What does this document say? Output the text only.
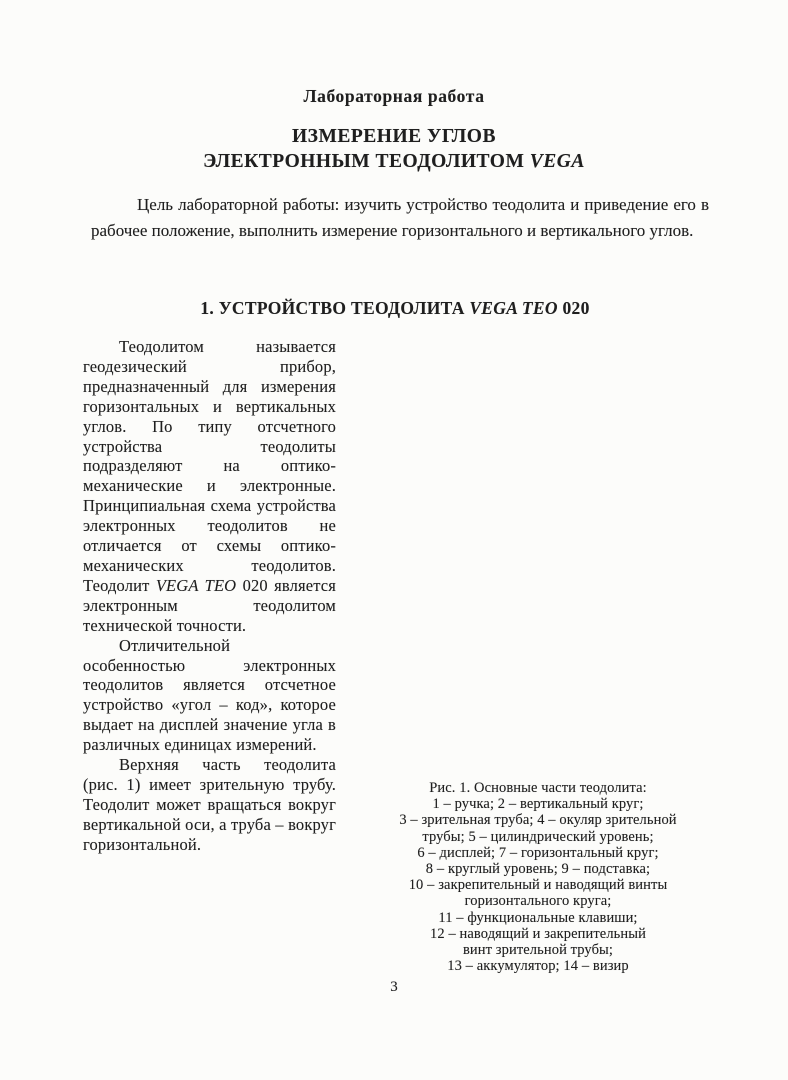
Лабораторная работа
ИЗМЕРЕНИЕ УГЛОВ
ЭЛЕКТРОННЫМ ТЕОДОЛИТОМ VEGA

Цель лабораторной работы: изучить устройство теодолита и приведение его в рабочее положение, выполнить измерение горизонтального и вертикального углов.

1. УСТРОЙСТВО ТЕОДОЛИТА VEGA TEO 020

Теодолитом называется геодезический прибор, предназначенный для измерения горизонтальных и вертикальных углов. По типу отсчетного устройства теодолиты подразделяют на оптико-механические и электронные. Принципиальная схема устройства электронных теодолитов не отличается от схемы оптико-механических теодолитов. Теодолит VEGA TEO 020 является электронным теодолитом технической точности.

Отличительной особенностью электронных теодолитов является отсчетное устройство «угол – код», которое выдает на дисплей значение угла в различных единицах измерений.

Верхняя часть теодолита (рис. 1) имеет зрительную трубу. Теодолит может вращаться вокруг вертикальной оси, а труба – вокруг горизонтальной.

Рис. 1. Основные части теодолита:
1 – ручка; 2 – вертикальный круг;
3 – зрительная труба; 4 – окуляр зрительной
трубы; 5 – цилиндрический уровень;
6 – дисплей; 7 – горизонтальный круг;
8 – круглый уровень; 9 – подставка;
10 – закрепительный и наводящий винты
горизонтального круга;
11 – функциональные клавиши;
12 – наводящий и закрепительный
винт зрительной трубы;
13 – аккумулятор; 14 – визир
3
